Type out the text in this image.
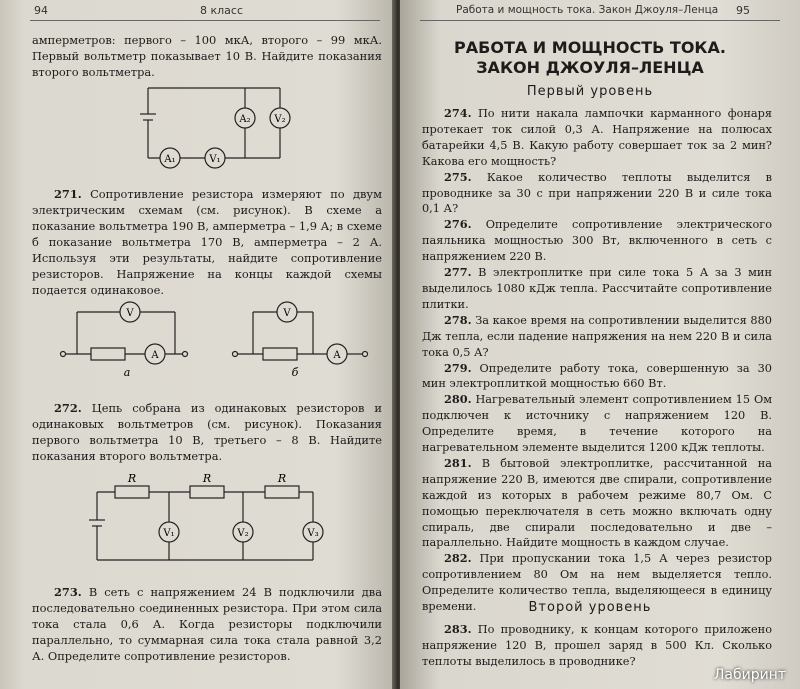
94	8 класс

амперметров: первого – 100 мкА, второго – 99 мкА. Первый вольтметр показывает 10 В. Найдите показания второго вольтметра.

A₁	V₁
A₂ V₂
271. Сопротивление резистора измеряют по двум электрическим схемам (см. рисунок). В схеме а показание вольтметра 190 В, амперметра – 1,9 А; в схеме б показание вольтметра 170 В, амперметра – 2 А. Используя эти результаты, найдите сопротивление резисторов. Напряжение на концы каждой схемы подается одинаковое.
V
A
а
V
A
б
272. Цепь собрана из одинаковых резисторов и одинаковых вольтметров (см. рисунок). Показания первого вольтметра 10 В, третьего – 8 В. Найдите показания второго вольтметра.
R	R	R
V₁	V₂	V₃
273. В сеть с напряжением 24 В подключили два последовательно соединенных резистора. При этом сила тока стала 0,6 А. Когда резисторы подключили параллельно, то суммарная сила тока стала равной 3,2 А. Определите сопротивление резисторов.
Работа и мощность тока. Закон Джоуля–Ленца 95
РАБОТА И МОЩНОСТЬ ТОКА.
ЗАКОН ДЖОУЛЯ–ЛЕНЦА
Первый уровень

274. По нити накала лампочки карманного фонаря протекает ток силой 0,3 А. Напряжение на полюсах батарейки 4,5 В. Какую работу совершает ток за 2 мин? Какова его мощность?

275. Какое количество теплоты выделится в проводнике за 30 с при напряжении 220 В и силе тока 0,1 А?

276. Определите сопротивление электрического паяльника мощностью 300 Вт, включенного в сеть с напряжением 220 В.

277. В электроплитке при силе тока 5 А за 3 мин выделилось 1080 кДж тепла. Рассчитайте сопротивление плитки.

278. За какое время на сопротивлении выделится 880 Дж тепла, если падение напряжения на нем 220 В и сила тока 0,5 А?

279. Определите работу тока, совершенную за 30 мин электроплиткой мощностью 660 Вт.

280. Нагревательный элемент сопротивлением 15 Ом подключен к источнику с напряжением 120 В. Определите время, в течение которого на нагревательном элементе выделится 1200 кДж теплоты.

281. В бытовой электроплитке, рассчитанной на напряжение 220 В, имеются две спирали, сопротивление каждой из которых в рабочем режиме 80,7 Ом. С помощью переключателя в сеть можно включать одну спираль, две спирали последовательно и две – параллельно. Найдите мощность в каждом случае.

282. При пропускании тока 1,5 А через резистор сопротивлением 80 Ом на нем выделяется тепло. Определите количество тепла, выделяющееся в единицу времени.	Второй уровень
283. По проводнику, к концам которого приложено напряжение 120 В, прошел заряд в 500 Кл. Сколько теплоты выделилось в проводнике?
Лабиринт
